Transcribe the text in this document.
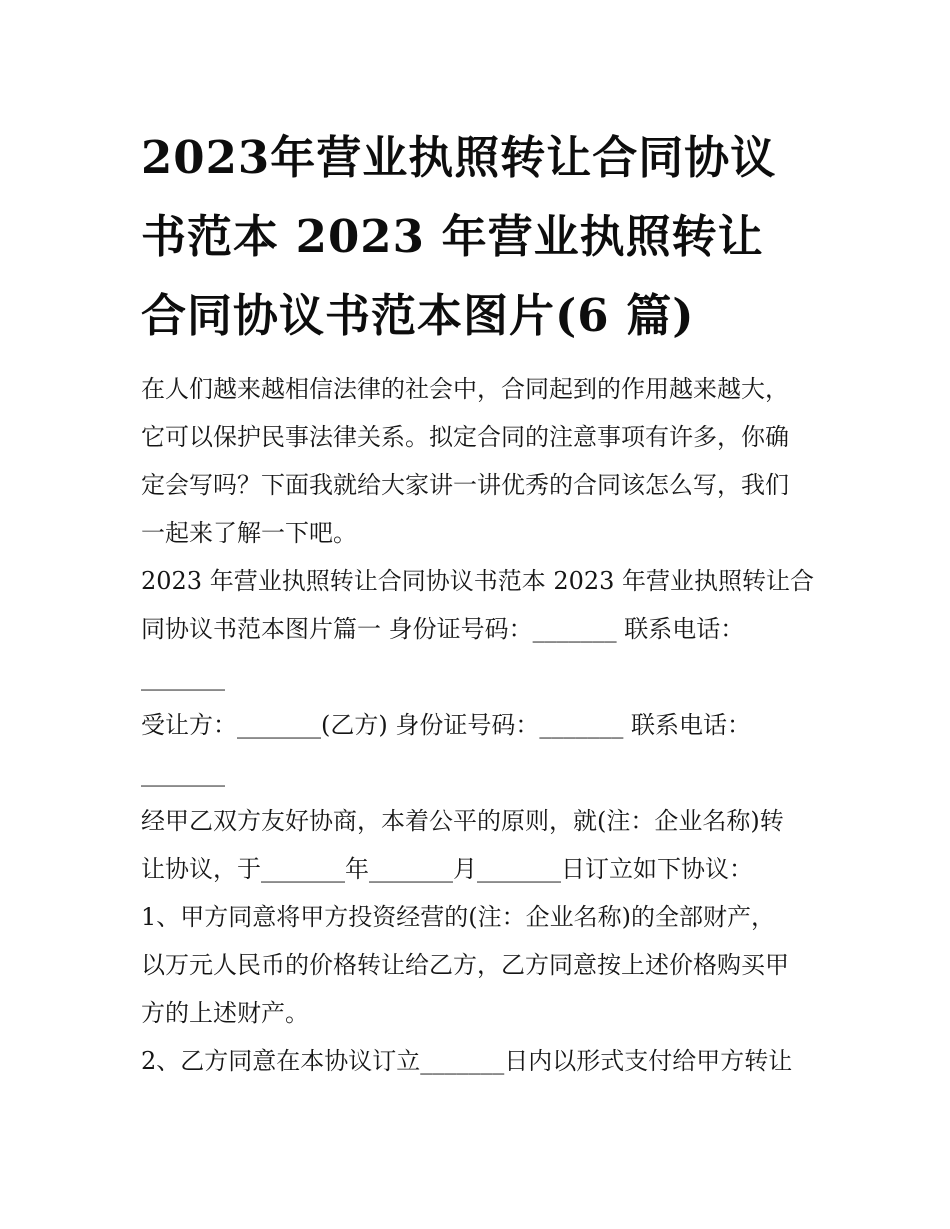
2023年营业执照转让合同协议
书范本 2023 年营业执照转让
合同协议书范本图片(6 篇)
在人们越来越相信法律的社会中，合同起到的作用越来越大，
它可以保护民事法律关系。拟定合同的注意事项有许多，你确
定会写吗？下面我就给大家讲一讲优秀的合同该怎么写，我们
一起来了解一下吧。
2023 年营业执照转让合同协议书范本 2023 年营业执照转让合
同协议书范本图片篇一 身份证号码：_______ 联系电话：
_______
受让方：_______(乙方) 身份证号码：_______ 联系电话：
_______
经甲乙双方友好协商，本着公平的原则，就(注：企业名称)转
让协议，于_______年_______月_______日订立如下协议：
1、甲方同意将甲方投资经营的(注：企业名称)的全部财产，
以万元人民币的价格转让给乙方，乙方同意按上述价格购买甲
方的上述财产。
2、乙方同意在本协议订立_______日内以形式支付给甲方转让
